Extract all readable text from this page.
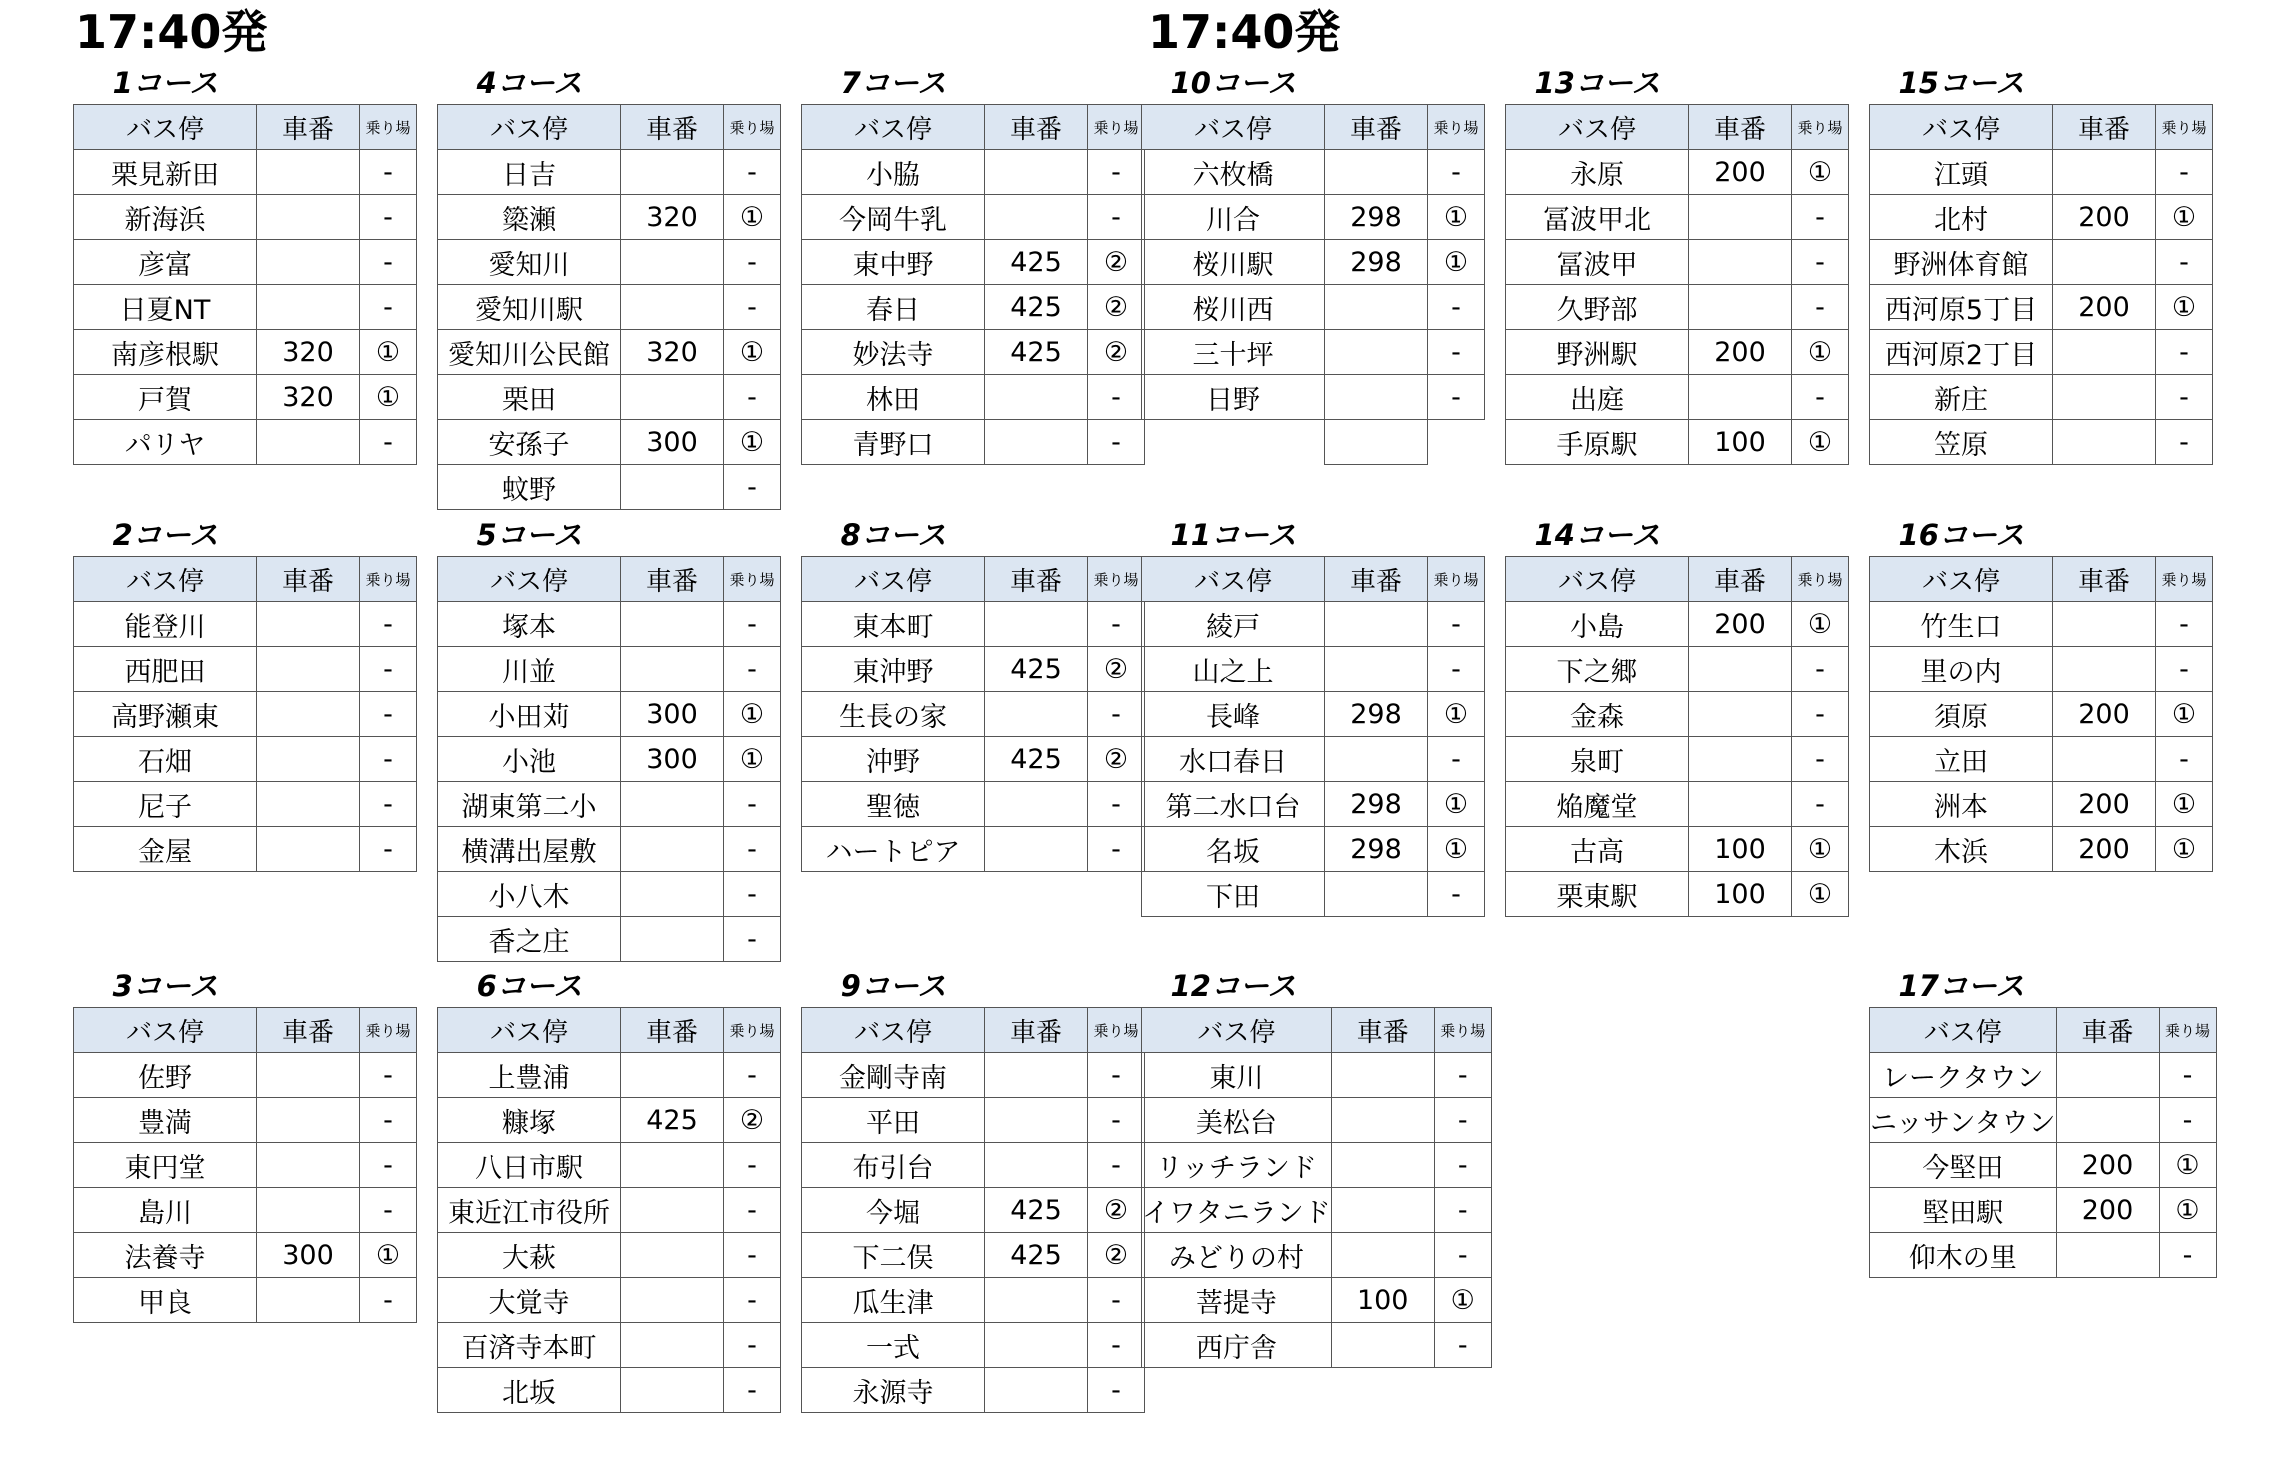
17:40発	17:40発
1コース
バス停	車番	乗り場
栗見新田		-
新海浜		-
彦富		-
日夏NT		-
南彦根駅	320	①
戸賀	320	①
パリヤ		-
2コース
バス停	車番	乗り場
能登川		-
西肥田		-
高野瀬東		-
石畑		-
尼子		-
金屋		-
3コース
バス停	車番	乗り場
佐野		-
豊満		-
東円堂		-
島川		-
法養寺	300	①
甲良		-
4コース
バス停	車番	乗り場
日吉		-
簗瀬	320	①
愛知川		-
愛知川駅		-
愛知川公民館	320	①
栗田		-
安孫子	300	①
蚊野		-
5コース
バス停	車番	乗り場
塚本		-
川並		-
小田苅	300	①
小池	300	①
湖東第二小		-
横溝出屋敷		-
小八木		-
香之庄		-
6コース
バス停	車番	乗り場
上豊浦		-
糠塚	425	②
八日市駅		-
東近江市役所		-
大萩		-
大覚寺		-
百済寺本町		-
北坂		-
7コース
バス停	車番	乗り場
小脇		-
今岡牛乳		-
東中野	425	②
春日	425	②
妙法寺	425	②
林田		-
青野口		-
8コース
バス停	車番	乗り場
東本町		-
東沖野	425	②
生長の家		-
沖野	425	②
聖徳		-
ハートピア		-
9コース
バス停	車番	乗り場
金剛寺南		-
平田		-
布引台		-
今堀	425	②
下二俣	425	②
瓜生津		-
一式		-
永源寺		-
10コース
バス停	車番	乗り場
六枚橋		-
川合	298	①
桜川駅	298	①
桜川西		-
三十坪		-
日野		-

11コース
バス停	車番	乗り場
綾戸		-
山之上		-
長峰	298	①
水口春日		-
第二水口台	298	①
名坂	298	①
下田		-
12コース
バス停	車番	乗り場
東川		-
美松台		-
リッチランド		-
イワタニランド		-
みどりの村		-
菩提寺	100	①
西庁舎		-
13コース
バス停	車番	乗り場
永原	200	①
冨波甲北		-
冨波甲		-
久野部		-
野洲駅	200	①
出庭		-
手原駅	100	①
14コース
バス停	車番	乗り場
小島	200	①
下之郷		-
金森		-
泉町		-
焔魔堂		-
古高	100	①
栗東駅	100	①
15コース
バス停	車番	乗り場
江頭		-
北村	200	①
野洲体育館		-
西河原5丁目	200	①
西河原2丁目		-
新庄		-
笠原		-
16コース
バス停	車番	乗り場
竹生口		-
里の内		-
須原	200	①
立田		-
洲本	200	①
木浜	200	①
17コース
バス停	車番	乗り場
レークタウン		-
ニッサンタウン		-
今堅田	200	①
堅田駅	200	①
仰木の里		-
